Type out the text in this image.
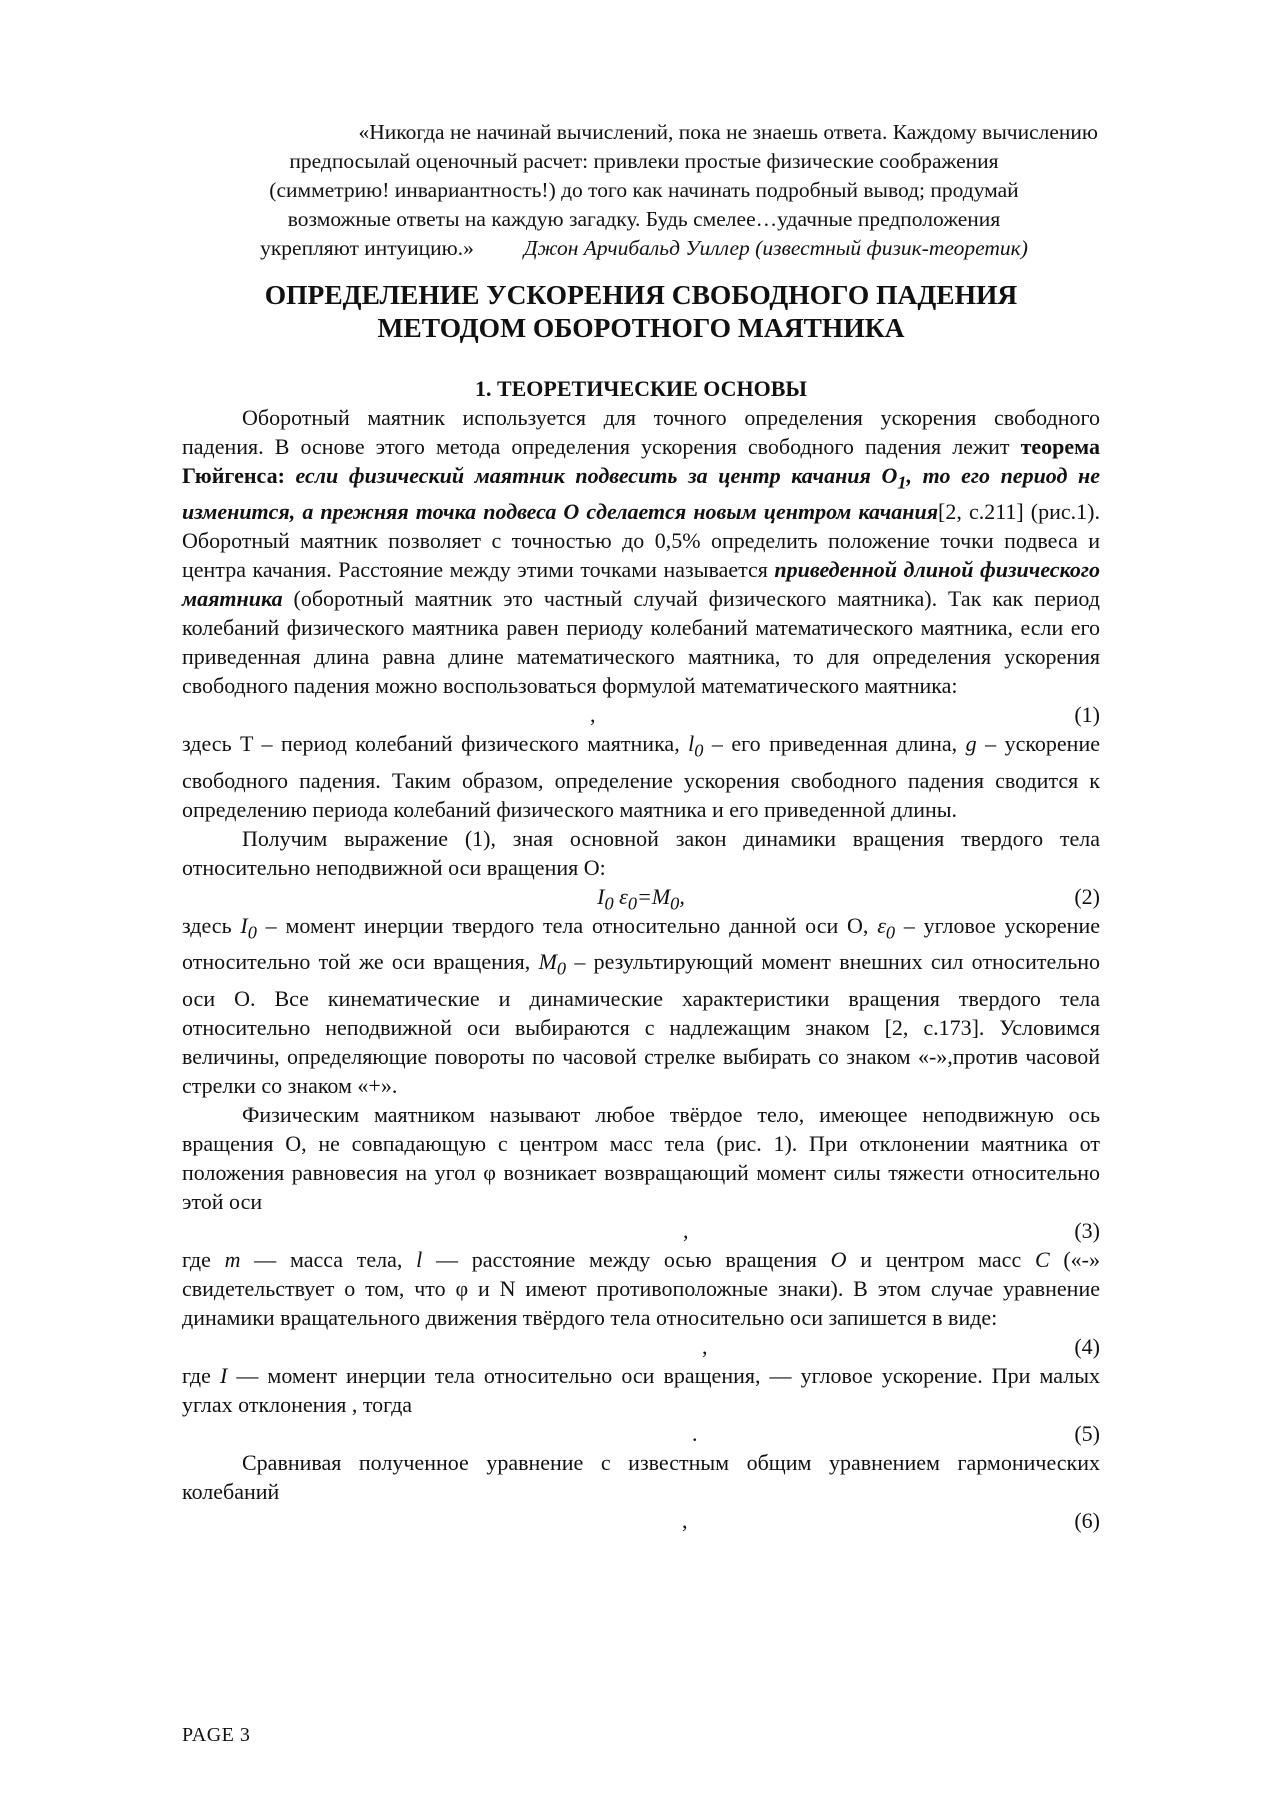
«Никогда не начинай вычислений, пока не знаешь ответа. Каждому вычислению
предпосылай оценочный расчет: привлеки простые физические соображения
(симметрию! инвариантность!) до того как начинать подробный вывод; продумай
возможные ответы на каждую загадку. Будь смелее…удачные предположения
укрепляют интуицию.» Джон Арчибальд Уиллер (известный физик-теоретик)
ОПРЕДЕЛЕНИЕ УСКОРЕНИЯ СВОБОДНОГО ПАДЕНИЯ
МЕТОДОМ ОБОРОТНОГО МАЯТНИКА
1. ТЕОРЕТИЧЕСКИЕ ОСНОВЫ

Оборотный маятник используется для точного определения ускорения свободного падения. В основе этого метода определения ускорения свободного падения лежит теорема Гюйгенса: если физический маятник подвесить за центр качания $O_1$, то его период не изменится, а прежняя точка подвеса O сделается новым центром качания[2, с.211] (рис.1). Оборотный маятник позволяет с точностью до 0,5% определить положение точки подвеса и центра качания. Расстояние между этими точками называется приведенной длиной физического маятника (оборотный маятник это частный случай физического маятника). Так как период колебаний физического маятника равен периоду колебаний математического маятника, если его приведенная длина равна длине математического маятника, то для определения ускорения свободного падения можно воспользоваться формулой математического маятника:

,	(1)

здесь T – период колебаний физического маятника, $l_0$ – его приведенная длина, g – ускорение свободного падения. Таким образом, определение ускорения свободного падения сводится к определению периода колебаний физического маятника и его приведенной длины.

Получим выражение (1), зная основной закон динамики вращения твердого тела относительно неподвижной оси вращения O:

$I_0$ $\varepsilon_0=M_0$,	(2)

здесь $I_0$ – момент инерции твердого тела относительно данной оси O, $\varepsilon_0$ – угловое ускорение относительно той же оси вращения, $M_0$ – результирующий момент внешних сил относительно оси O. Все кинематические и динамические характеристики вращения твердого тела относительно неподвижной оси выбираются с надлежащим знаком [2, с.173]. Условимся величины, определяющие повороты по часовой стрелке выбирать со знаком «-»,против часовой стрелки со знаком «+».

Физическим маятником называют любое твёрдое тело, имеющее неподвижную ось вращения O, не совпадающую с центром масс тела (рис. 1). При отклонении маятника от положения равновесия на угол φ возникает возвращающий момент силы тяжести относительно этой оси

,	(3)

где m — масса тела, l — расстояние между осью вращения O и центром масс C («-» свидетельствует о том, что φ и N имеют противоположные знаки). В этом случае уравнение динамики вращательного движения твёрдого тела относительно оси запишется в виде:

,	(4)

где I — момент инерции тела относительно оси вращения, — угловое ускорение. При малых углах отклонения , тогда

.	(5)

Сравнивая полученное уравнение с известным общим уравнением гармонических колебаний

,	(6)
PAGE 3
